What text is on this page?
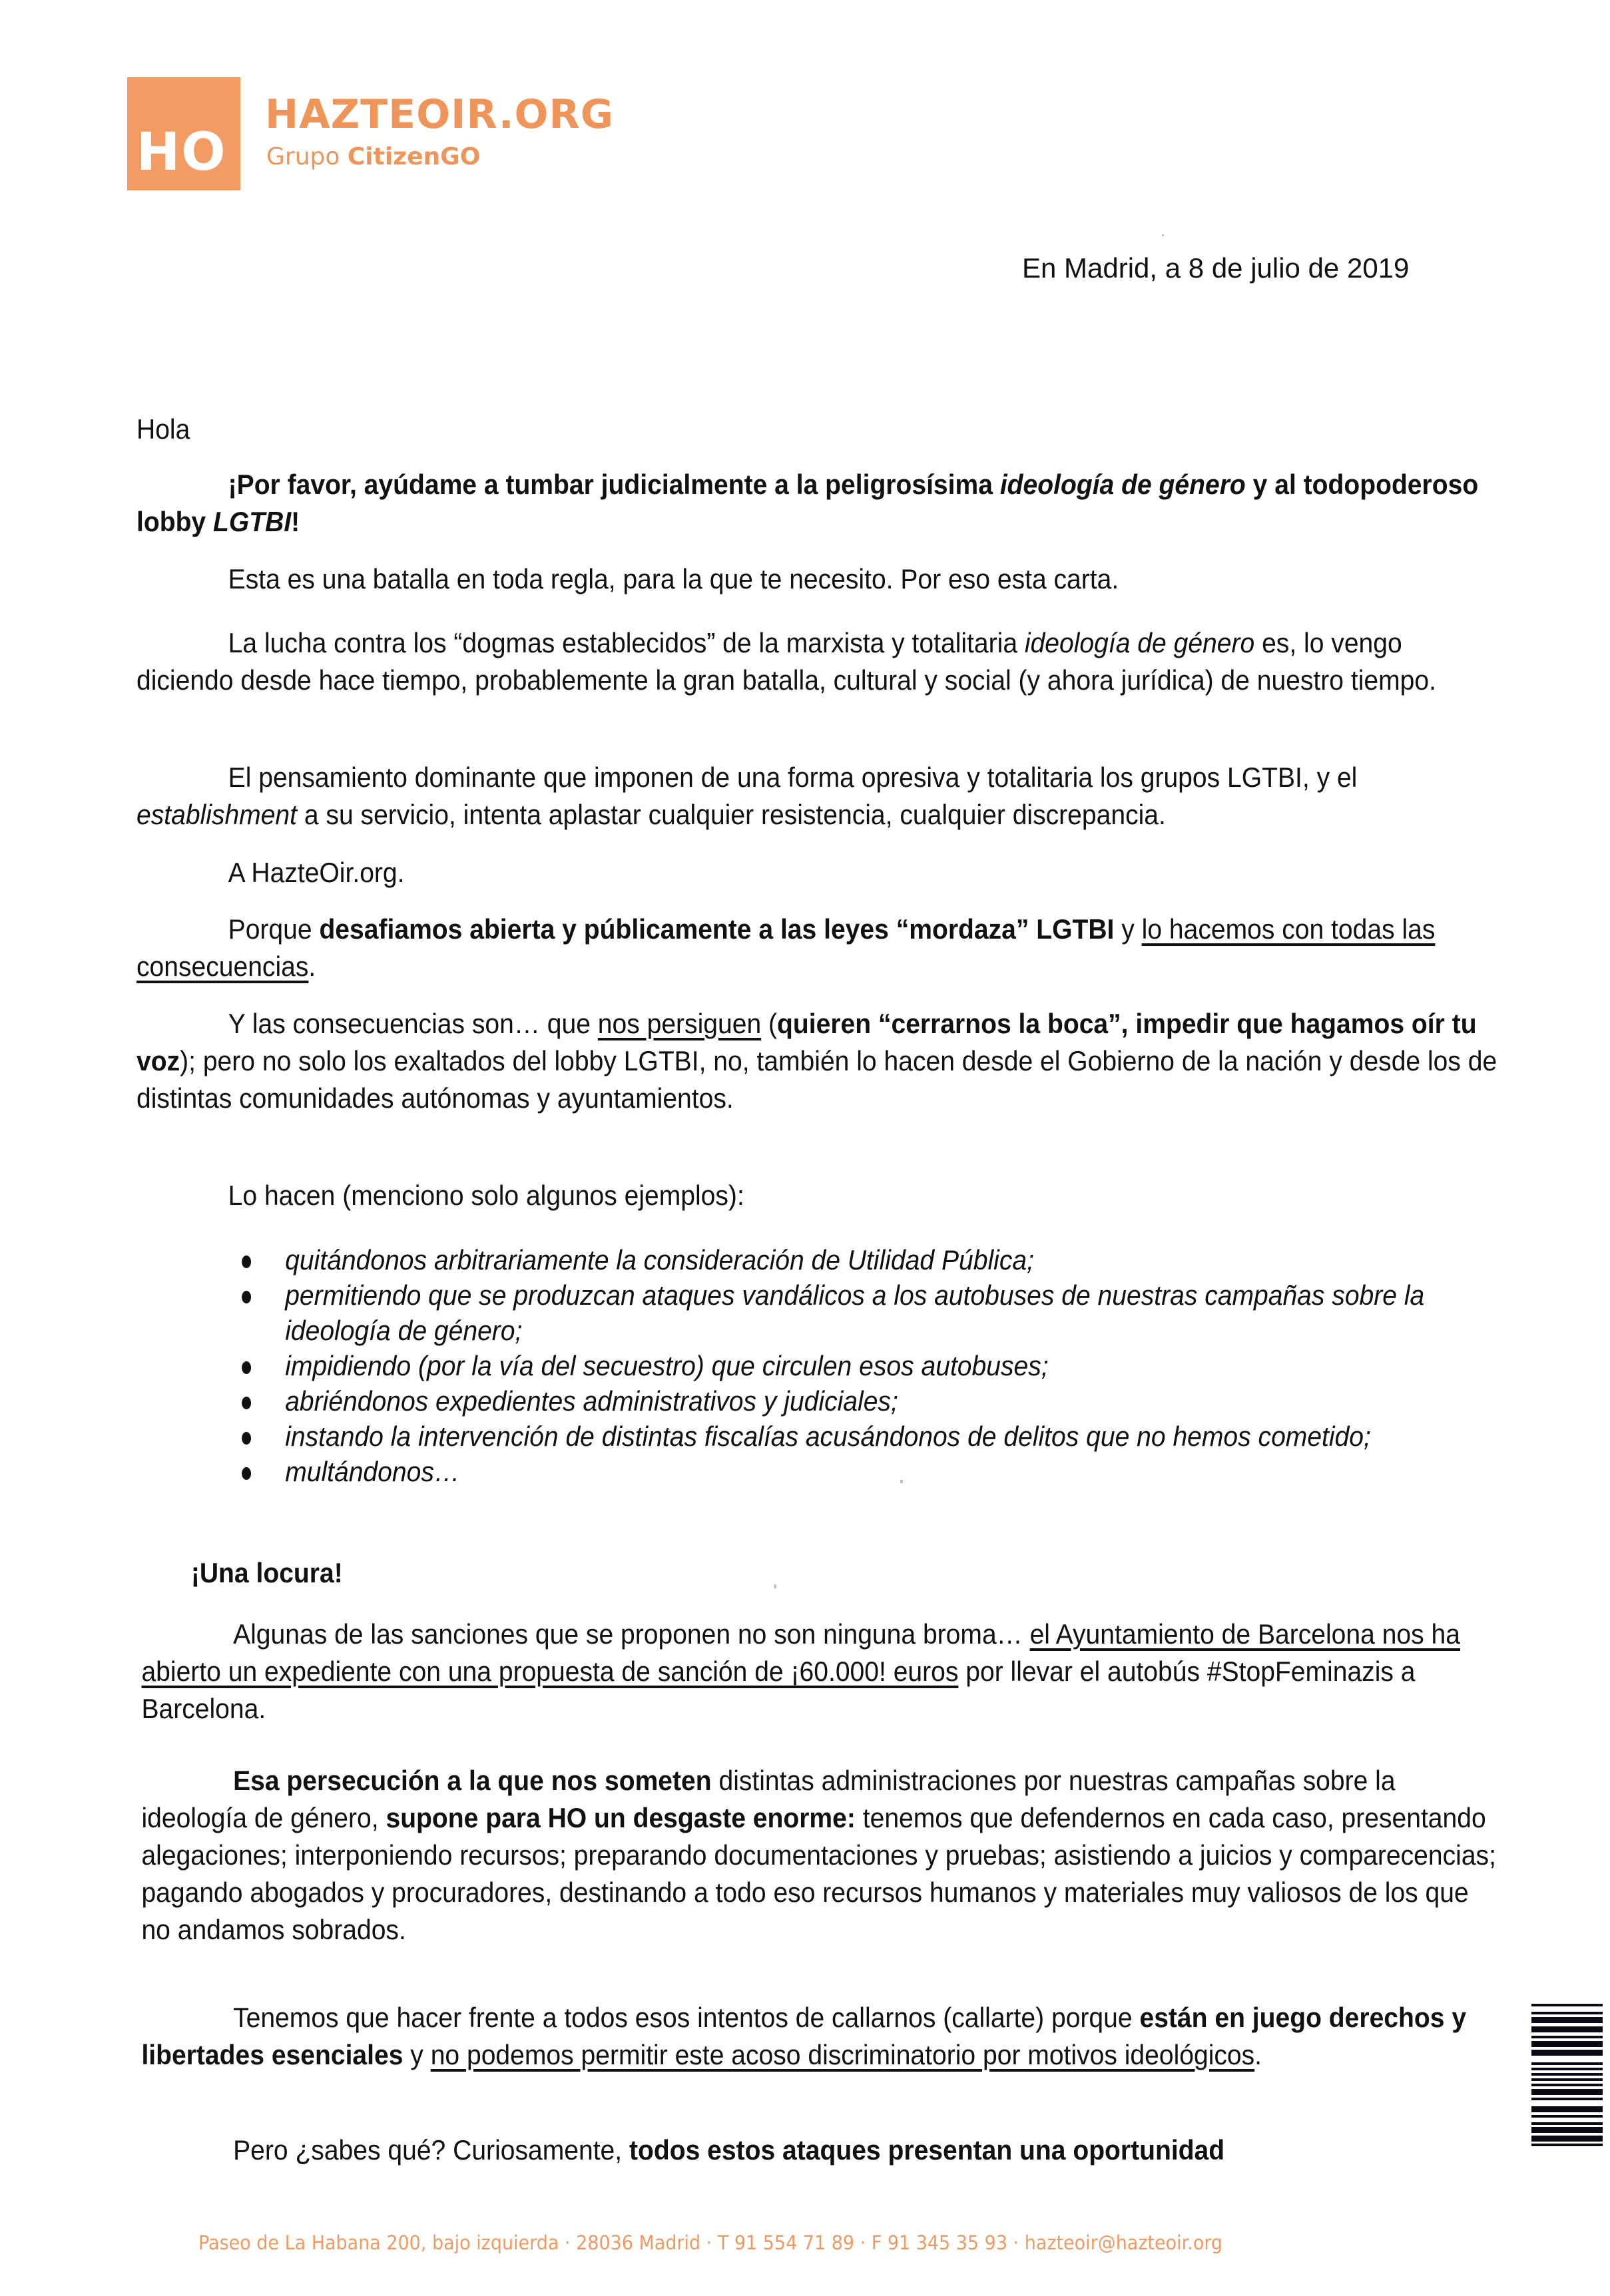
HO
HAZTEOIR.ORG
Grupo CitizenGO
En Madrid, a 8 de julio de 2019

Hola

¡Por favor, ayúdame a tumbar judicialmente a la peligrosísima ideología de género y al todopoderoso lobby LGTBI!

Esta es una batalla en toda regla, para la que te necesito. Por eso esta carta.

La lucha contra los “dogmas establecidos” de la marxista y totalitaria ideología de género es, lo vengo diciendo desde hace tiempo, probablemente la gran batalla, cultural y social (y ahora jurídica) de nuestro tiempo.

El pensamiento dominante que imponen de una forma opresiva y totalitaria los grupos LGTBI, y el establishment a su servicio, intenta aplastar cualquier resistencia, cualquier discrepancia.

A HazteOir.org.

Porque desafiamos abierta y públicamente a las leyes “mordaza” LGTBI y lo hacemos con todas las consecuencias.

Y las consecuencias son… que nos persiguen (quieren “cerrarnos la boca”, impedir que hagamos oír tu voz); pero no solo los exaltados del lobby LGTBI, no, también lo hacen desde el Gobierno de la nación y desde los de distintas comunidades autónomas y ayuntamientos.

Lo hacen (menciono solo algunos ejemplos):

quitándonos arbitrariamente la consideración de Utilidad Pública;
permitiendo que se produzcan ataques vandálicos a los autobuses de nuestras campañas sobre la ideología de género;
impidiendo (por la vía del secuestro) que circulen esos autobuses;
abriéndonos expedientes administrativos y judiciales;
instando la intervención de distintas fiscalías acusándonos de delitos que no hemos cometido;
multándonos…

¡Una locura!

Algunas de las sanciones que se proponen no son ninguna broma… el Ayuntamiento de Barcelona nos ha abierto un expediente con una propuesta de sanción de ¡60.000! euros por llevar el autobús #StopFeminazis a Barcelona.

Esa persecución a la que nos someten distintas administraciones por nuestras campañas sobre la ideología de género, supone para HO un desgaste enorme: tenemos que defendernos en cada caso, presentando alegaciones; interponiendo recursos; preparando documentaciones y pruebas; asistiendo a juicios y comparecencias; pagando abogados y procuradores, destinando a todo eso recursos humanos y materiales muy valiosos de los que no andamos sobrados.

Tenemos que hacer frente a todos esos intentos de callarnos (callarte) porque están en juego derechos y libertades esenciales y no podemos permitir este acoso discriminatorio por motivos ideológicos.

Pero ¿sabes qué? Curiosamente, todos estos ataques presentan una oportunidad

Paseo de La Habana 200, bajo izquierda · 28036 Madrid · T 91 554 71 89 · F 91 345 35 93 · hazteoir@hazteoir.org
